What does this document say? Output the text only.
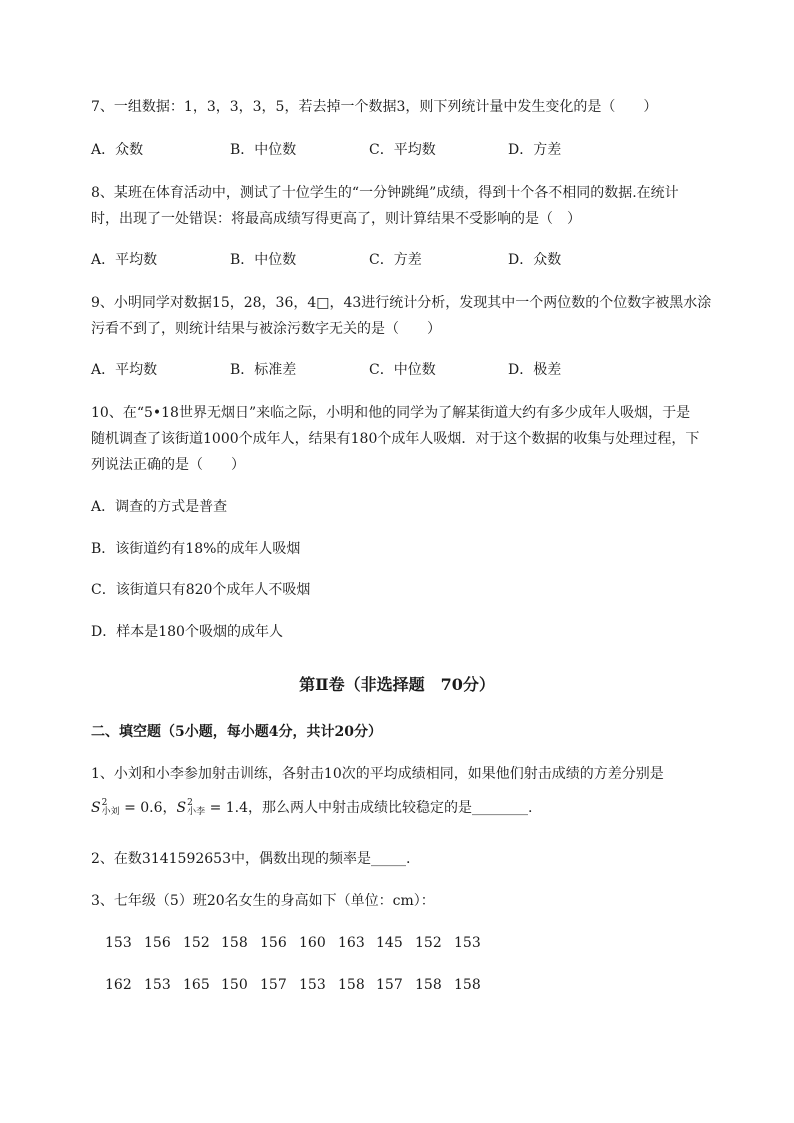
7、一组数据：1，3，3，3，5，若去掉一个数据3，则下列统计量中发生变化的是（　　）
A．众数	B．中位数	C．平均数	D．方差
8、某班在体育活动中，测试了十位学生的“一分钟跳绳”成绩，得到十个各不相同的数据.在统计
时，出现了一处错误：将最高成绩写得更高了，则计算结果不受影响的是（　）
A．平均数	B．中位数	C．方差	D．众数
9、小明同学对数据15，28，36，4□，43进行统计分析，发现其中一个两位数的个位数字被黑水涂
污看不到了，则统计结果与被涂污数字无关的是（　　）
A．平均数	B．标准差	C．中位数	D．极差
10、在“5•18世界无烟日”来临之际，小明和他的同学为了解某街道大约有多少成年人吸烟，于是
随机调查了该街道1000个成年人，结果有180个成年人吸烟．对于这个数据的收集与处理过程，下
列说法正确的是（　　）
A．调查的方式是普查
B．该街道约有18%的成年人吸烟
C．该街道只有820个成年人不吸烟
D．样本是180个吸烟的成年人
第Ⅱ卷（非选择题　70分）
二、填空题（5小题，每小题4分，共计20分）
1、小刘和小李参加射击训练，各射击10次的平均成绩相同，如果他们射击成绩的方差分别是
S 2
小刘 = 0.6，S 2
小李 = 1.4，那么两人中射击成绩比较稳定的是________.
2、在数3141592653中，偶数出现的频率是_____.
3、七年级（5）班20名女生的身高如下（单位：cm）：
153 156 152 158 156 160 163 145 152 153
162 153 165 150 157 153 158 157 158 158
